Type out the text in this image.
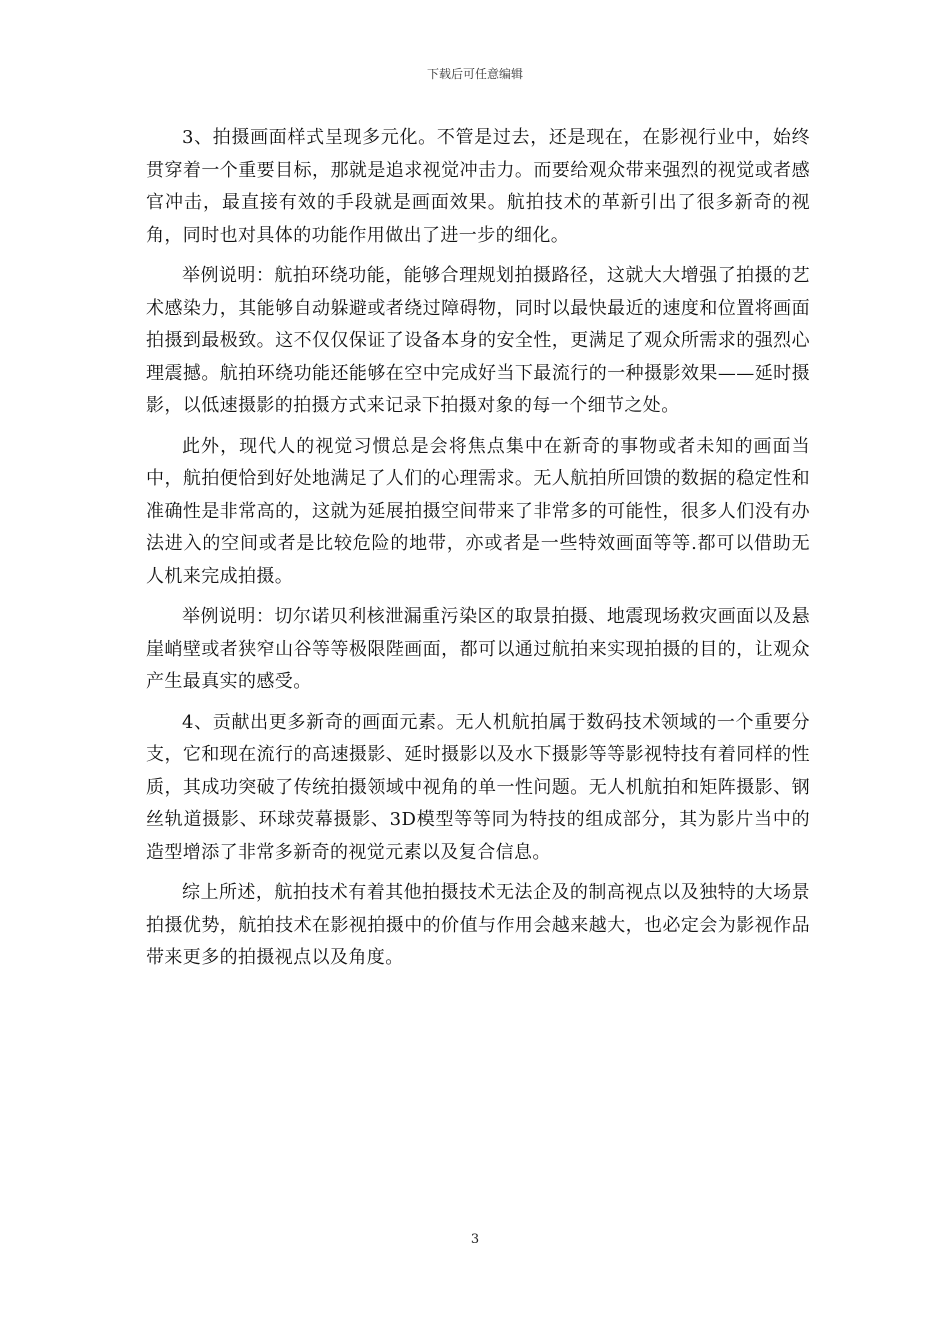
下载后可任意编辑

3、拍摄画面样式呈现多元化。不管是过去，还是现在，在影视行业中，始终贯穿着一个重要目标，那就是追求视觉冲击力。而要给观众带来强烈的视觉或者感官冲击，最直接有效的手段就是画面效果。航拍技术的革新引出了很多新奇的视角，同时也对具体的功能作用做出了进一步的细化。

举例说明：航拍环绕功能，能够合理规划拍摄路径，这就大大增强了拍摄的艺术感染力，其能够自动躲避或者绕过障碍物，同时以最快最近的速度和位置将画面拍摄到最极致。这不仅仅保证了设备本身的安全性，更满足了观众所需求的强烈心理震撼。航拍环绕功能还能够在空中完成好当下最流行的一种摄影效果——延时摄影，以低速摄影的拍摄方式来记录下拍摄对象的每一个细节之处。

此外，现代人的视觉习惯总是会将焦点集中在新奇的事物或者未知的画面当中，航拍便恰到好处地满足了人们的心理需求。无人航拍所回馈的数据的稳定性和准确性是非常高的，这就为延展拍摄空间带来了非常多的可能性，很多人们没有办法进入的空间或者是比较危险的地带，亦或者是一些特效画面等等.都可以借助无人机来完成拍摄。

举例说明：切尔诺贝利核泄漏重污染区的取景拍摄、地震现场救灾画面以及悬崖峭壁或者狭窄山谷等等极限陛画面，都可以通过航拍来实现拍摄的目的，让观众产生最真实的感受。

4、贡献出更多新奇的画面元素。无人机航拍属于数码技术领域的一个重要分支，它和现在流行的高速摄影、延时摄影以及水下摄影等等影视特技有着同样的性质，其成功突破了传统拍摄领域中视角的单一性问题。无人机航拍和矩阵摄影、钢丝轨道摄影、环球荧幕摄影、3D模型等等同为特技的组成部分，其为影片当中的造型增添了非常多新奇的视觉元素以及复合信息。

综上所述，航拍技术有着其他拍摄技术无法企及的制高视点以及独特的大场景拍摄优势，航拍技术在影视拍摄中的价值与作用会越来越大，也必定会为影视作品带来更多的拍摄视点以及角度。

3
